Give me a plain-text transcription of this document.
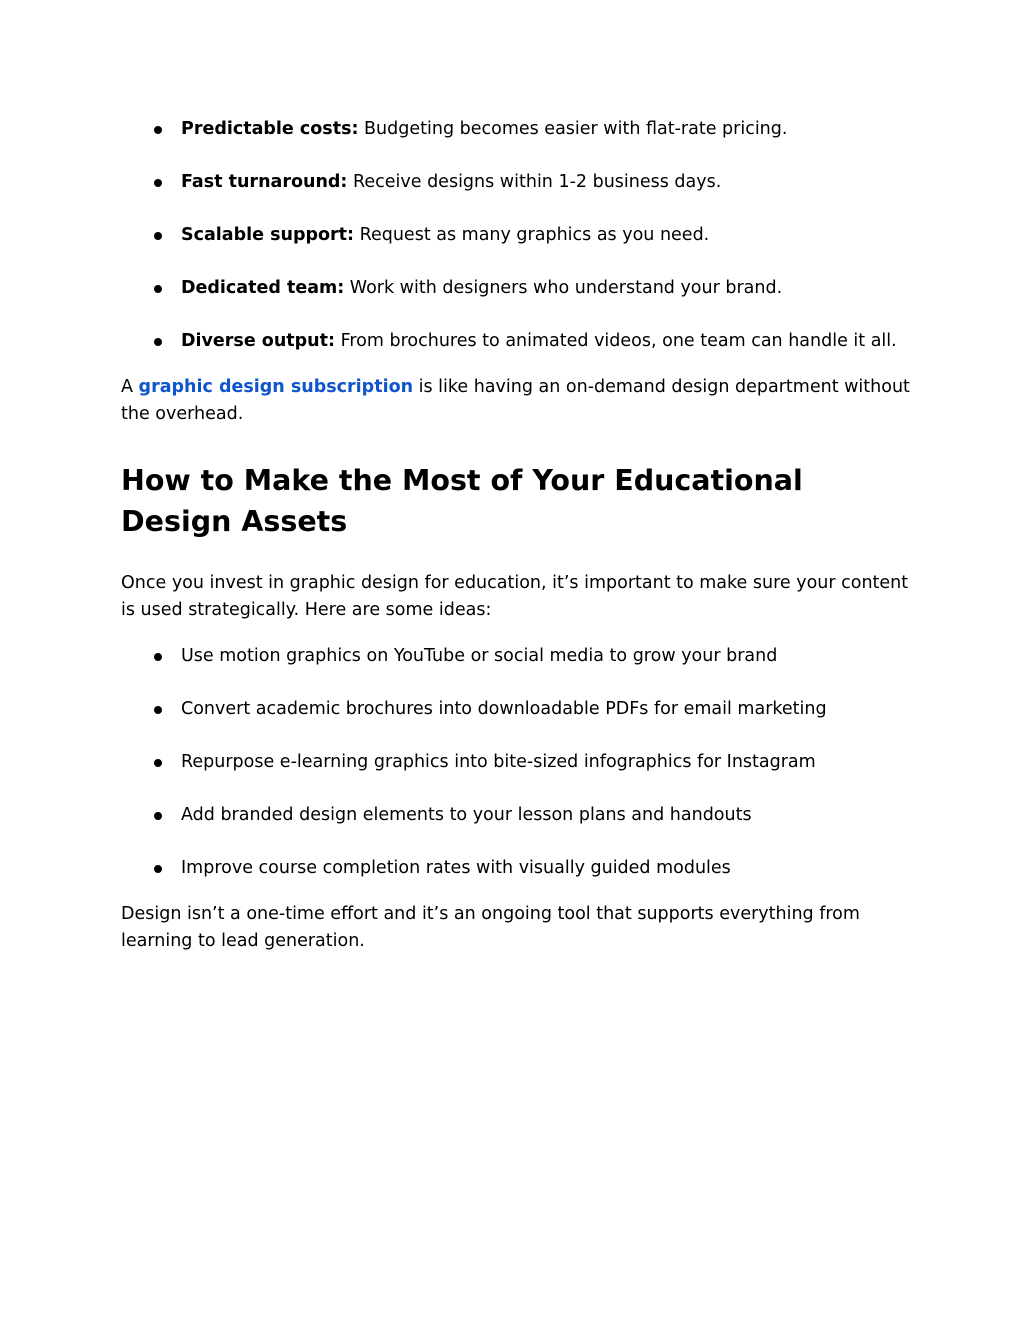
Predictable costs: Budgeting becomes easier with flat-rate pricing.
Fast turnaround: Receive designs within 1-2 business days.
Scalable support: Request as many graphics as you need.
Dedicated team: Work with designers who understand your brand.
Diverse output: From brochures to animated videos, one team can handle it all.

A graphic design subscription is like having an on-demand design department without the overhead.

How to Make the Most of Your Educational Design Assets

Once you invest in graphic design for education, it’s important to make sure your content is used strategically. Here are some ideas:

Use motion graphics on YouTube or social media to grow your brand
Convert academic brochures into downloadable PDFs for email marketing
Repurpose e-learning graphics into bite-sized infographics for Instagram
Add branded design elements to your lesson plans and handouts
Improve course completion rates with visually guided modules

Design isn’t a one-time effort and it’s an ongoing tool that supports everything from learning to lead generation.
